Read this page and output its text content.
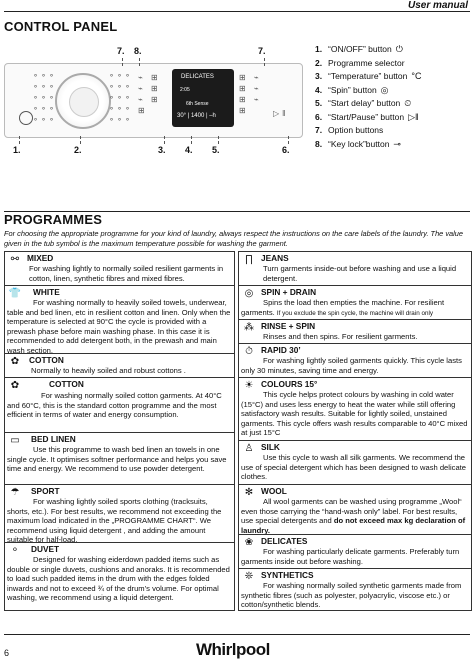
User manual
CONTROL PANEL
∘∘∘ ∘∘∘ ∘∘∘ ∘∘∘ ∘∘∘
∘∘∘ ∘∘∘ ∘∘∘ ∘∘∘ ∘∘∘
⌁ ⊞ ⌁ ⊞ ⌁ ⊞ ⊞
DELICATES
2:05
6th Sense
30° | 1400 | –h
⊞ ⌁ ⊞ ⌁ ⊞ ⌁ ⊞	▷‖
7. 8.	7.
1.	2.	3. 4. 5.	6.
1. “ON/OFF” button ⏻
2. Programme selector
3. “Temperature” button °C
4. “Spin” button ◎
5. “Start delay” button ⏲
6. “Start/Pause” button ▷‖
7. Option buttons
8. “Key lock”button ⊸
PROGRAMMES
For choosing the appropriate programme for your kind of laundry, always respect the instructions on the care labels of the laundry. The value given in the tub symbol is the maximum temperature possible for washing the garment.
⚯ MIXED
For washing lightly to normally soiled resilient garments in cotton, linen, synthetic fibres and mixed fibres.
👕 WHITE
For washing normally to heavily soiled towels, underwear, table and bed linen, etc in resilient cotton and linen. Only when the temperature is selected at 90°C the cycle is provided with a prewash phase before main washing phase. In this case it is recommended to add detergent both, in the prewash and main wash section.
✿	COTTON
Normally to heavily soiled and robust cottons .
✿	COTTON
For washing normally soiled cotton garments. At 40°C and 60°C, this is the standard cotton programme and the most efficient in terms of water and energy consumption.
▭	BED LINEN
Use this programme to wash bed linen an towels in one single cycle. It optimises softner performance and helps you save time and energy. We recommend to use powder detergent.
☂	SPORT
For washing lightly soiled sports clothing (tracksuits, shorts, etc.). For best results, we recommend not exceeding the maximum load indicated in the „PROGRAMME CHART“. We recommend using liquid detergent , and adding the amount suitable for half-load.
⚬	DUVET
Designed for washing eiderdown padded items such as double or single duvets, cushions and anoraks. It is recommended to load such padded items in the drum with the edges folded inwards and not to exceed ¾ of the drum’s volume. For optimal washing, we recommend using a liquid detergent.
∏ JEANS
Turn garments inside-out before washing and use a liquid detergent.
◎ SPIN + DRAIN
Spins the load then empties the machine. For resilient garments. If you exclude the spin cycle, the machine will drain only
⁂ RINSE + SPIN
Rinses and then spins. For resilient garments.
⏱ RAPID 30’
For washing lightly soiled garments quickly. This cycle lasts only 30 minutes, saving time and energy.
☀ COLOURS 15°
This cycle helps protect colours by washing in cold water (15°C) and uses less energy to heat the water while still offering satisfactory wash results. Suitable for lightly soiled, unstained garments. This cycle offers wash results comparable to 40°C mixed at just 15°C
♙ SILK
Use this cycle to wash all silk garments. We recommend the use of special detergent which has been designed to wash delicate clothes.
✻ WOOL
All wool garments can be washed using programme „Wool“ even those carrying the “hand-wash only” label. For best results, use special detergents and do not exceed max kg declaration of laundry.
❀ DELICATES
For washing particularly delicate garments. Preferably turn garments inside out before washing.
❊ SYNTHETICS
For washing normally soiled synthetic garments made from synthetic fibres (such as polyester, polyacrylic, viscose etc.) or cotton/synthetic blends.
6	Whirlpool
